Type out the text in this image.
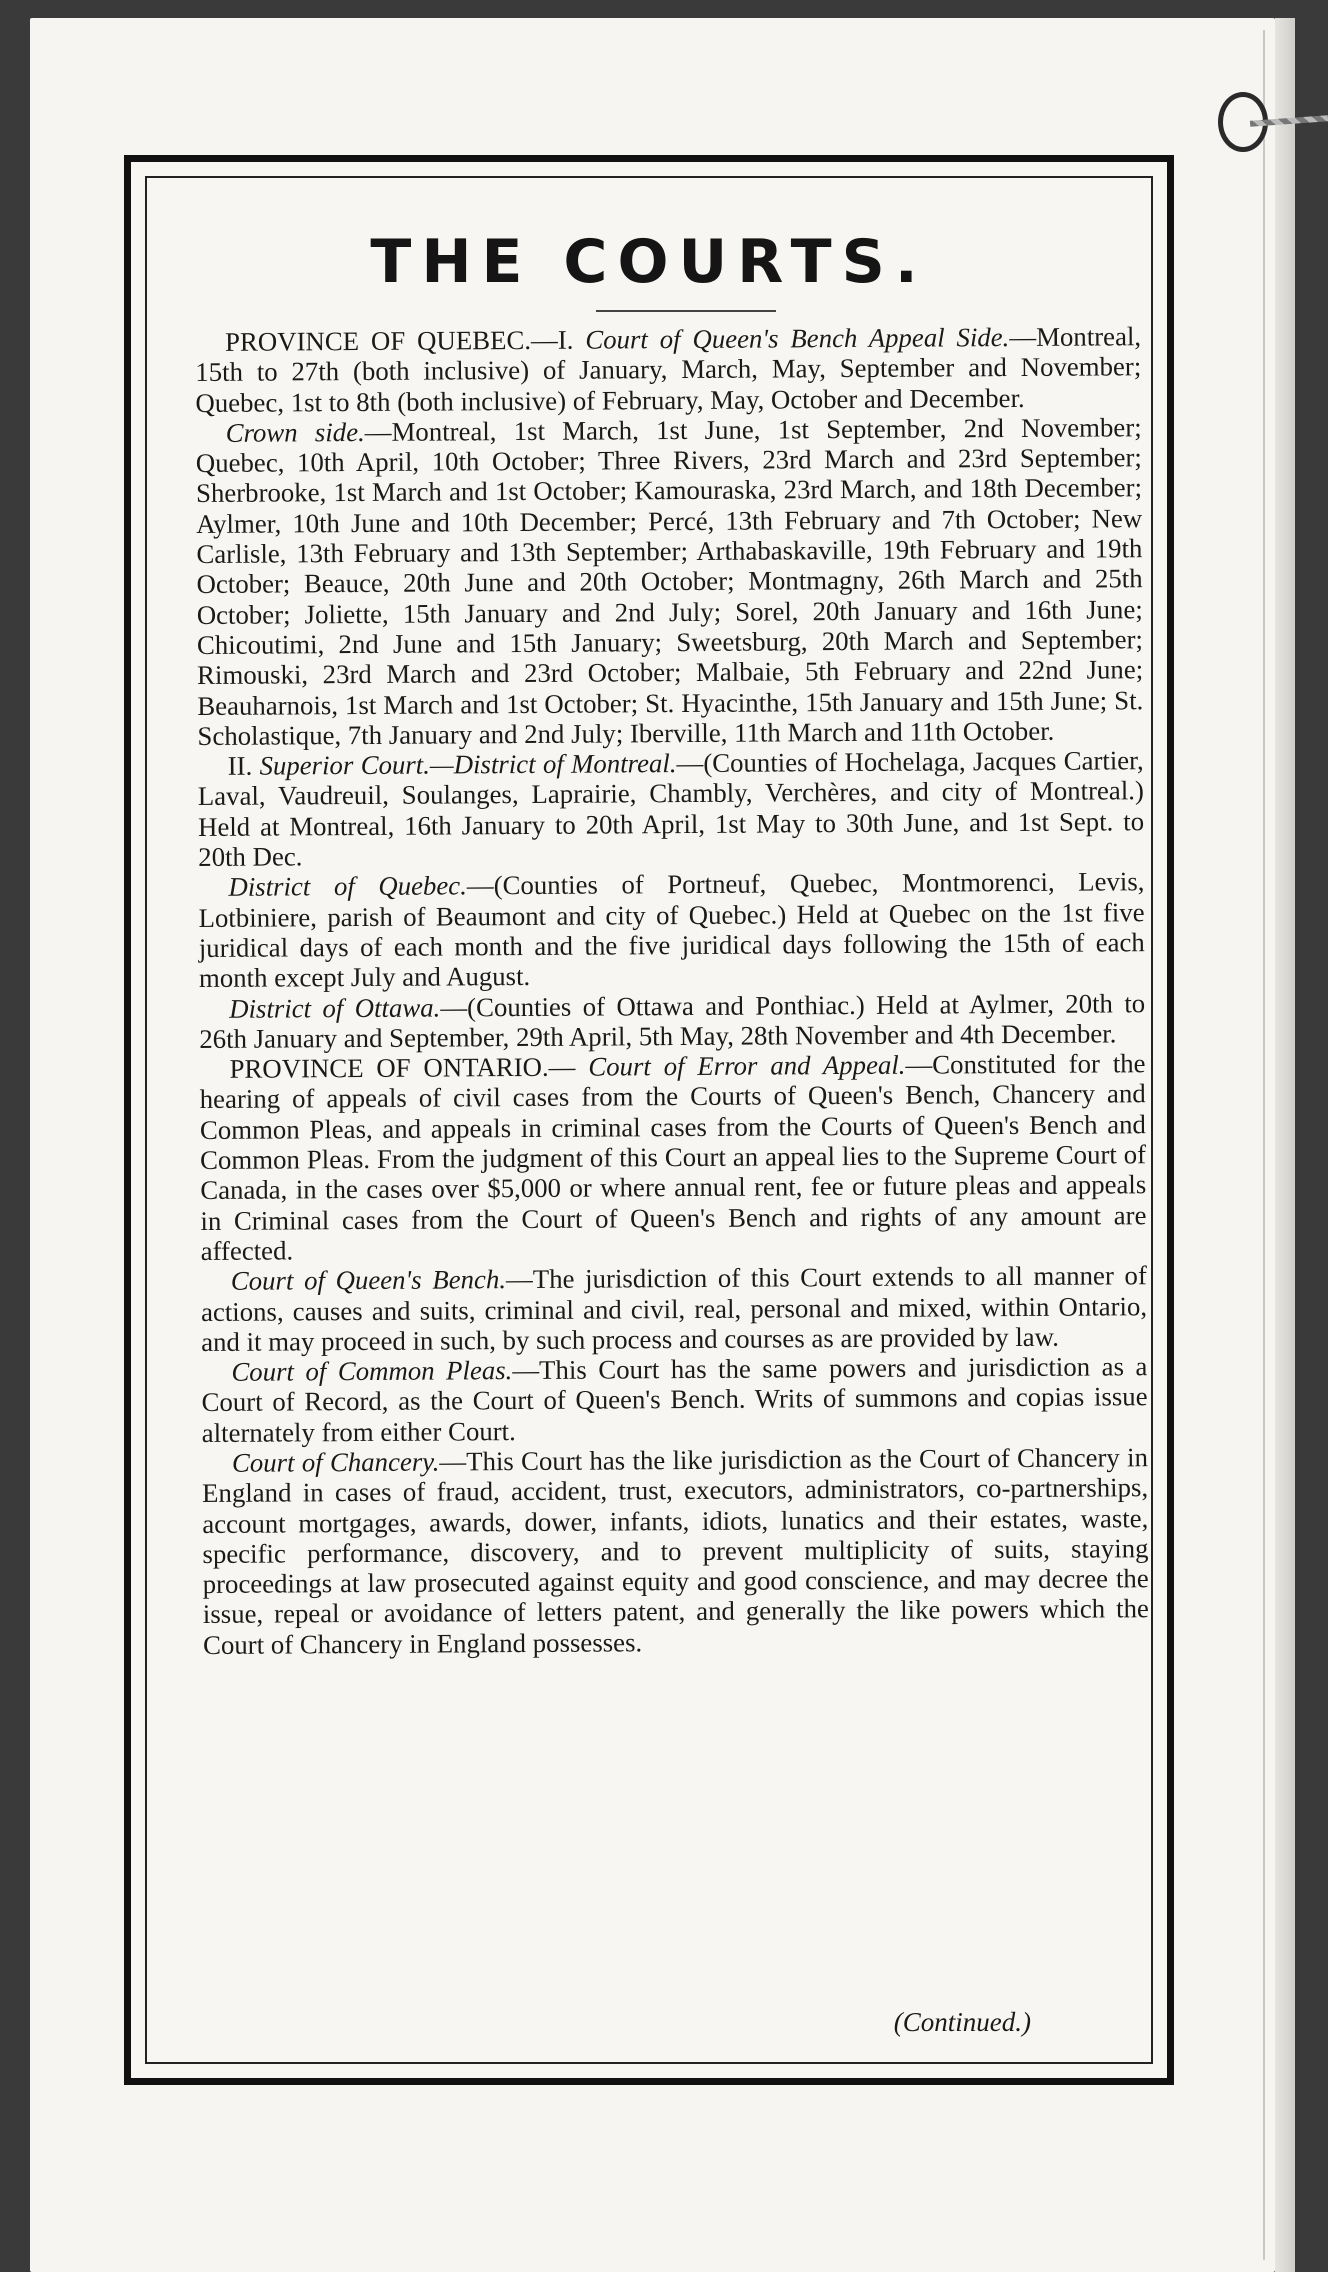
THE COURTS.

PROVINCE OF QUEBEC.—I. Court of Queen's Bench Appeal Side.—Montreal, 15th to 27th (both inclusive) of January, March, May, September and November; Quebec, 1st to 8th (both inclusive) of February, May, October and December.

Crown side.—Montreal, 1st March, 1st June, 1st September, 2nd November; Quebec, 10th April, 10th October; Three Rivers, 23rd March and 23rd September; Sherbrooke, 1st March and 1st October; Kamouraska, 23rd March, and 18th December; Aylmer, 10th June and 10th December; Percé, 13th February and 7th October; New Carlisle, 13th February and 13th September; Arthabaskaville, 19th February and 19th October; Beauce, 20th June and 20th October; Montmagny, 26th March and 25th October; Joliette, 15th January and 2nd July; Sorel, 20th January and 16th June; Chicoutimi, 2nd June and 15th January; Sweetsburg, 20th March and September; Rimouski, 23rd March and 23rd October; Malbaie, 5th February and 22nd June; Beauharnois, 1st March and 1st October; St. Hyacinthe, 15th January and 15th June; St. Scholastique, 7th January and 2nd July; Iberville, 11th March and 11th October.

II. Superior Court.—District of Montreal.—(Counties of Hochelaga, Jacques Cartier, Laval, Vaudreuil, Soulanges, Laprairie, Chambly, Verchères, and city of Montreal.) Held at Montreal, 16th January to 20th April, 1st May to 30th June, and 1st Sept. to 20th Dec.

District of Quebec.—(Counties of Portneuf, Quebec, Montmorenci, Levis, Lotbiniere, parish of Beaumont and city of Quebec.) Held at Quebec on the 1st five juridical days of each month and the five juridical days following the 15th of each month except July and August.

District of Ottawa.—(Counties of Ottawa and Ponthiac.) Held at Aylmer, 20th to 26th January and September, 29th April, 5th May, 28th November and 4th December.

PROVINCE OF ONTARIO.— Court of Error and Appeal.—Constituted for the hearing of appeals of civil cases from the Courts of Queen's Bench, Chancery and Common Pleas, and appeals in criminal cases from the Courts of Queen's Bench and Common Pleas. From the judgment of this Court an appeal lies to the Supreme Court of Canada, in the cases over $5,000 or where annual rent, fee or future pleas and appeals in Criminal cases from the Court of Queen's Bench and rights of any amount are affected.

Court of Queen's Bench.—The jurisdiction of this Court extends to all manner of actions, causes and suits, criminal and civil, real, personal and mixed, within Ontario, and it may proceed in such, by such process and courses as are provided by law.

Court of Common Pleas.—This Court has the same powers and jurisdiction as a Court of Record, as the Court of Queen's Bench. Writs of summons and copias issue alternately from either Court.

Court of Chancery.—This Court has the like jurisdiction as the Court of Chancery in England in cases of fraud, accident, trust, executors, administrators, co-partnerships, account mortgages, awards, dower, infants, idiots, lunatics and their estates, waste, specific performance, discovery, and to prevent multiplicity of suits, staying proceedings at law prosecuted against equity and good conscience, and may decree the issue, repeal or avoidance of letters patent, and generally the like powers which the Court of Chancery in England possesses.

(Continued.)
